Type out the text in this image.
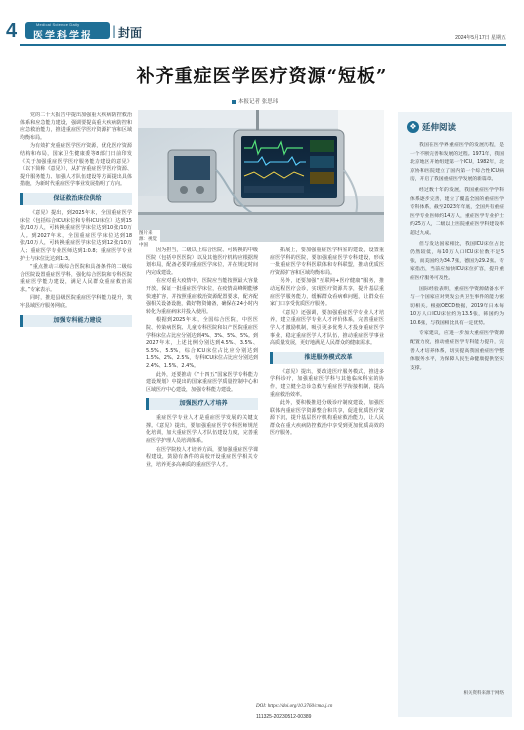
4	Medical Science Daily
医学科学报 | 封面	2024年5月17日 星期五
补齐重症医学医疗资源“短板”
本报记者 张思玮
图片来源：视觉中国

党的二十大报告中提出加强重大疾病防控救治体系和应急能力建设，强调要提高重大疾病防控和应急救治能力，推进重症医学医疗资源扩容和区域均衡布局。

为有效扩充重症医学医疗资源，优化医疗资源结构和布局，国家卫生健康委等8部门日前印发《关于加强重症医学医疗服务能力建设的意见》（以下简称《意见》），从扩容重症医学医疗资源、提升服务能力、加强人才队伍建设等方面提出具体措施，为新时代重症医学事业发展指明了方向。

保证救治床位供给

《意见》提出，到2025年末，全国重症医学床位（包括综合ICU床位和专科ICU床位）达到15张/10万人，可转换重症医学床位达到10张/10万人。到2027年末，全国重症医学床位达到18张/10万人，可转换重症医学床位达到12张/10万人；重症医学专业医师达到1:0.8；重症医学专业护士与床位比达到1:3。

“重点推动三级综合医院和具备条件的二级综合医院设置重症医学科，强化综合医院和专科医院重症医学能力建设，满足人民群众重症救治需求。”专家表示。

同时，推进县级医院重症医学科能力提升，筑牢县域医疗服务网底。

加强专科能力建设

因为担当，二级以上综合医院、可转换的中级医院（包括中医医院）以及其他医疗机构应根据规划布局，配备必要的重症医学床位，并在规定时间内完成建设。

在应对重大疫情中，医院应当能按照最大容量开放，保证一批重症医学床位，在疫情高峰期能够快速扩容，并按照重症救治资源配置要求，配齐配强相关设备设施，做好物资储备，确保在24小时内转化为重症病床并投入使用。

根据到2025年末，全国综合医院，中医医院、传染病医院、儿童专科医院和妇产医院重症医学科床位占比应分别达到4%、3%、5%、5%。到2027年末，上述比例分别达到4.5%、3.5%、5.5%、5.5%，综合ICU床位占比应分别达到1.5%、2%、2.5%，专科ICU床位占比应分别达到2.4%、1.5%、2.4%。

此外，还要推动《“十四五”国家医学专科能力建设规划》中提出的国家重症医学质量控制中心和区域医疗中心建设，加强专科能力建设。

加强医疗人才培养

重症医学专业人才是重症医学发展的关键支撑。《意见》提出，要加强重症医学专科医师规范化培训，加大重症医学人才队伍建设力度，完善重症医学护理人员培训体系。

在医学院校人才培养方面，要加强重症医学课程建设，鼓励有条件的高校开设重症医学相关专业，培养更多高素质的重症医学人才。

拓展上，要加强重症医学科室的建设，设置重症医学科的医院，要加强重症医学专科建设，形成一批重症医学专科医联体和专科联盟，推动优质医疗资源扩容和区域均衡布局。

另外，还要加强“互联网+医疗健康”服务，推动远程医疗会诊，实现医疗资源共享，提升基层重症医学服务能力，缓解群众看病难问题，让群众在家门口享受优质医疗服务。

《意见》还强调，要加强重症医学专业人才培养，建立重症医学专业人才评价体系，完善重症医学人才激励机制，吸引更多优秀人才投身重症医学事业，稳定重症医学人才队伍，推动重症医学事业高质量发展，更好地满足人民群众的健康需求。

推进服务模式改革

《意见》提出，要改进医疗服务模式，推进多学科诊疗，加强重症医学科与其他临床科室的协作，建立健全急诊急救与重症医学衔接机制，提高重症救治效率。

此外，要积极推进分级诊疗制度建设，加强医联体内重症医学资源整合和共享，促进优质医疗资源下沉，提升基层医疗机构重症救治能力，让人民群众在重大疾病防控救治中享受到更加优质高效的医疗服务。

❖ 延伸阅读

我国在医学界重症医学的发展历程，是一个不断完善和发展的过程。1971年，我国北京地区开始组建第一个ICU，1982年，北京协和医院建立了国内第一个综合性ICU病房，开启了我国重症医学发展的新篇章。

经过数十年的发展，我国重症医学学科体系逐步完善，建立了覆盖全国的重症医学专科体系，截至2023年年底，全国共有重症医学专业医师约14万人，重症医学专业护士约25万人，二级以上医院重症医学科建设率超过九成。

但与发达国家相比，我国ICU床位占比仍然较低，每10万人口ICU床位数不足5张，而美国约为34.7张，德国为29.2张。专家指出，当前应加快ICU床位扩容，提升重症医疗服务可及性。

国际经验表明，重症医学资源储备水平与一个国家应对突发公共卫生事件的能力密切相关。根据OECD数据，2019年日本每10万人口ICU床位约为13.5张，韩国约为10.6张，与我国相比具有一定优势。

专家建议，应进一步加大重症医学资源配置力度，推动重症医学专科能力提升，完善人才培养体系，切实提高我国重症医学整体服务水平，为保障人民生命健康提供坚实支撑。

相关资料来源于网络
DOI: https://doi.org/10.3760/cma.j.cn
111325-20230512-00389
